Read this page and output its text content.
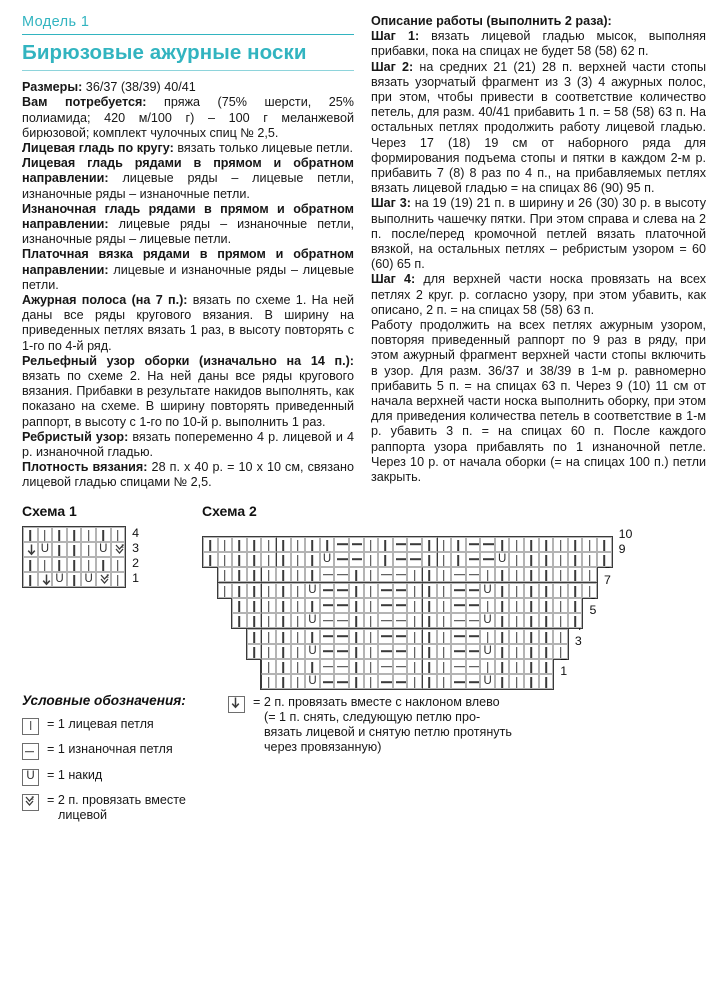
Модель 1
Бирюзовые ажурные носки

Размеры: 36/37 (38/39) 40/41

Вам потребуется: пряжа (75% шерсти, 25% полиамида; 420 м/100 г) – 100 г меланжевой бирюзовой; комплект чулочных спиц № 2,5.

Лицевая гладь по кругу: вязать только лицевые петли.

Лицевая гладь рядами в прямом и обратном направлении: лицевые ряды – лицевые петли, изнаночные ряды – изнаночные петли.

Изнаночная гладь рядами в прямом и обратном направлении: лицевые ряды – изнаночные петли, изнаночные ряды – лицевые петли.

Платочная вязка рядами в прямом и обратном направлении: лицевые и изнаночные ряды – лицевые петли.

Ажурная полоса (на 7 п.): вязать по схеме 1. На ней даны все ряды кругового вязания. В ширину на приведенных петлях вязать 1 раз, в высоту повторять с 1-го по 4-й ряд.

Рельефный узор оборки (изначально на 14 п.): вязать по схеме 2. На ней даны все ряды кругового вязания. Прибавки в результате накидов выполнять, как показано на схеме. В ширину повторять приведенный раппорт, в высоту с 1-го по 10-й р. выполнить 1 раз.

Ребристый узор: вязать попеременно 4 р. лицевой и 4 р. изнаночной гладью.

Плотность вязания: 28 п. х 40 р. = 10 х 10 см, связано лицевой гладью спицами № 2,5.

Описание работы (выполнить 2 раза):

Шаг 1: вязать лицевой гладью мысок, выполняя прибавки, пока на спицах не будет 58 (58) 62 п.

Шаг 2: на средних 21 (21) 28 п. верхней части стопы вязать узорчатый фрагмент из 3 (3) 4 ажурных полос, при этом, чтобы привести в соответствие количество петель, для разм. 40/41 прибавить 1 п. = 58 (58) 63 п. На остальных петлях продолжить работу лицевой гладью. Через 17 (18) 19 см от наборного ряда для формирования подъема стопы и пятки в каждом 2-м р. прибавить 7 (8) 8 раз по 4 п., на прибавляемых петлях вязать лицевой гладью = на спицах 86 (90) 95 п.

Шаг 3: на 19 (19) 21 п. в ширину и 26 (30) 30 р. в высоту выполнить чашечку пятки. При этом справа и слева на 2 п. после/перед кромочной петлей вязать платочной вязкой, на остальных петлях – ребристым узором = 60 (60) 65 п.

Шаг 4: для верхней части носка провязать на всех петлях 2 круг. р. согласно узору, при этом убавить, как описано, 2 п. = на спицах 58 (58) 63 п.

Работу продолжить на всех петлях ажурным узором, повторяя приведенный раппорт по 9 раз в ряду, при этом ажурный фрагмент верхней части стопы включить в узор. Для разм. 36/37 и 38/39 в 1-м р. равномерно прибавить 5 п. = на спицах 63 п. Через 9 (10) 11 см от начала верхней части носка выполнить оборку, при этом для приведения количества петель в соответствие в 1-м р. убавить 3 п. = на спицах 60 п. После каждого раппорта узора прибавлять по 1 изнаночной петле. Через 10 р. от начала оборки (= на спицах 100 п.) петли закрыть.

Схема 1
UU
2
UU
2
4
3
2
1
Схема 2
10
UU9
UU7
UU5
UU3
UU1
Условные обозначения:
= 1 лицевая петля
= 1 изнаночная петля
U = 1 накид
2 = 2 п. провязать вместе
лицевой
= 2 п. провязать вместе с наклоном влево
(= 1 п. снять, следующую петлю про-
вязать лицевой и снятую петлю протянуть
через провязанную)
